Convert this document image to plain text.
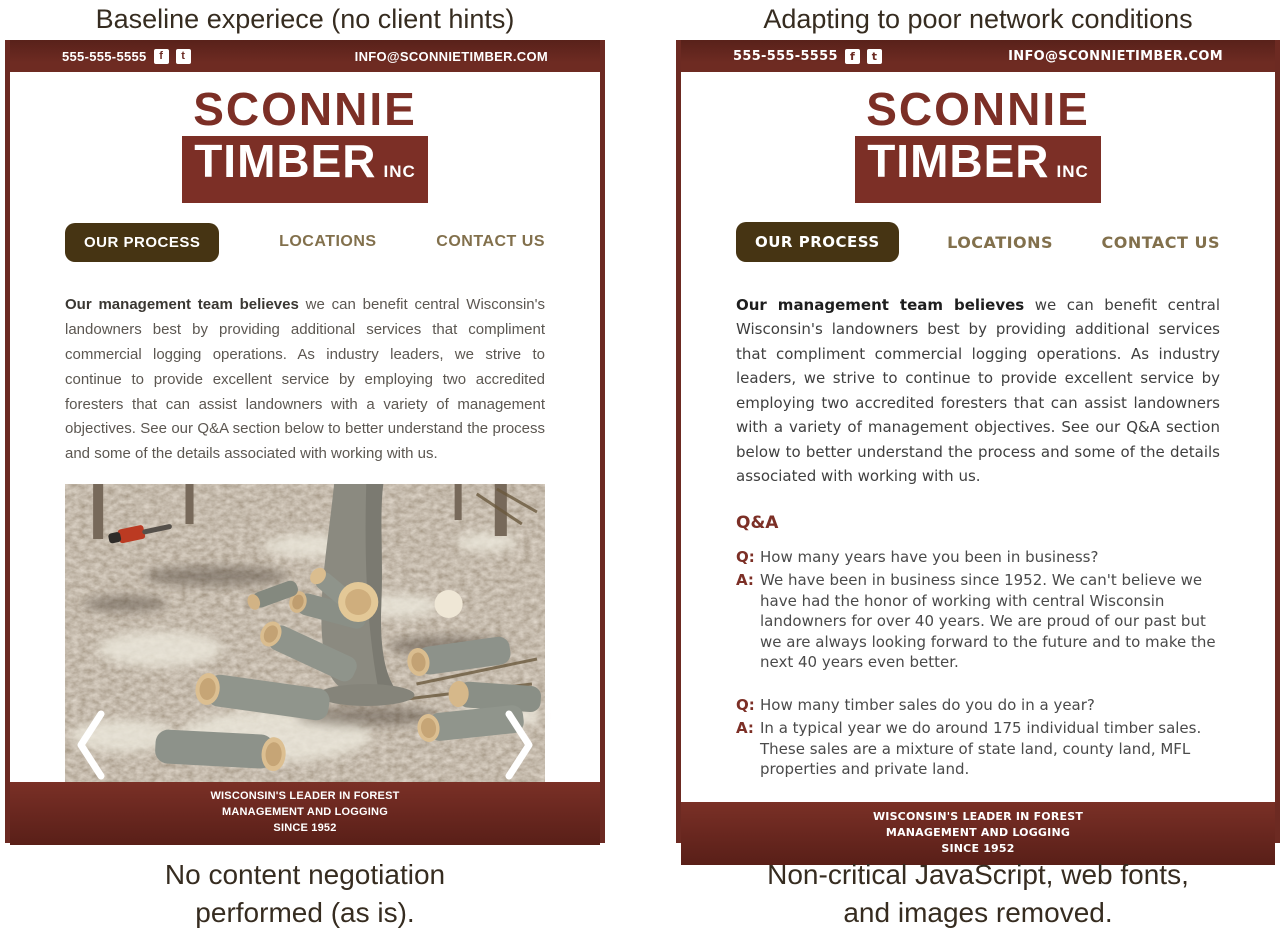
Baseline experiece (no client hints)	Adapting to poor network conditions
555-555-5555	f	t	INFO@SCONNIETIMBER.COM
SCONNIE
TIMBER INC
OUR PROCESS	LOCATIONS	CONTACT US

Our management team believes we can benefit central Wisconsin's landowners best by providing additional services that compliment commercial logging operations. As industry leaders, we strive to continue to provide excellent service by employing two accredited foresters that can assist landowners with a variety of management objectives. See our Q&A section below to better understand the process and some of the details associated with working with us.

WISCONSIN'S LEADER IN FOREST
MANAGEMENT AND LOGGING
SINCE 1952
555-555-5555	f	t	INFO@SCONNIETIMBER.COM
SCONNIE
TIMBER INC
OUR PROCESS	LOCATIONS	CONTACT US

Our management team believes we can benefit central Wisconsin's landowners best by providing additional services that compliment commercial logging operations. As industry leaders, we strive to continue to provide excellent service by employing two accredited foresters that can assist landowners with a variety of management objectives. See our Q&A section below to better understand the process and some of the details associated with working with us.

Q&A
Q: How many years have you been in business?
A: We have been in business since 1952. We can't believe we have had the honor of working with central Wisconsin landowners for over 40 years. We are proud of our past but we are always looking forward to the future and to make the next 40 years even better.
Q: How many timber sales do you do in a year?
A: In a typical year we do around 175 individual timber sales. These sales are a mixture of state land, county land, MFL properties and private land.
WISCONSIN'S LEADER IN FOREST
MANAGEMENT AND LOGGING
SINCE 1952
No content negotiation
performed (as is).
Non-critical JavaScript, web fonts,
and images removed.
